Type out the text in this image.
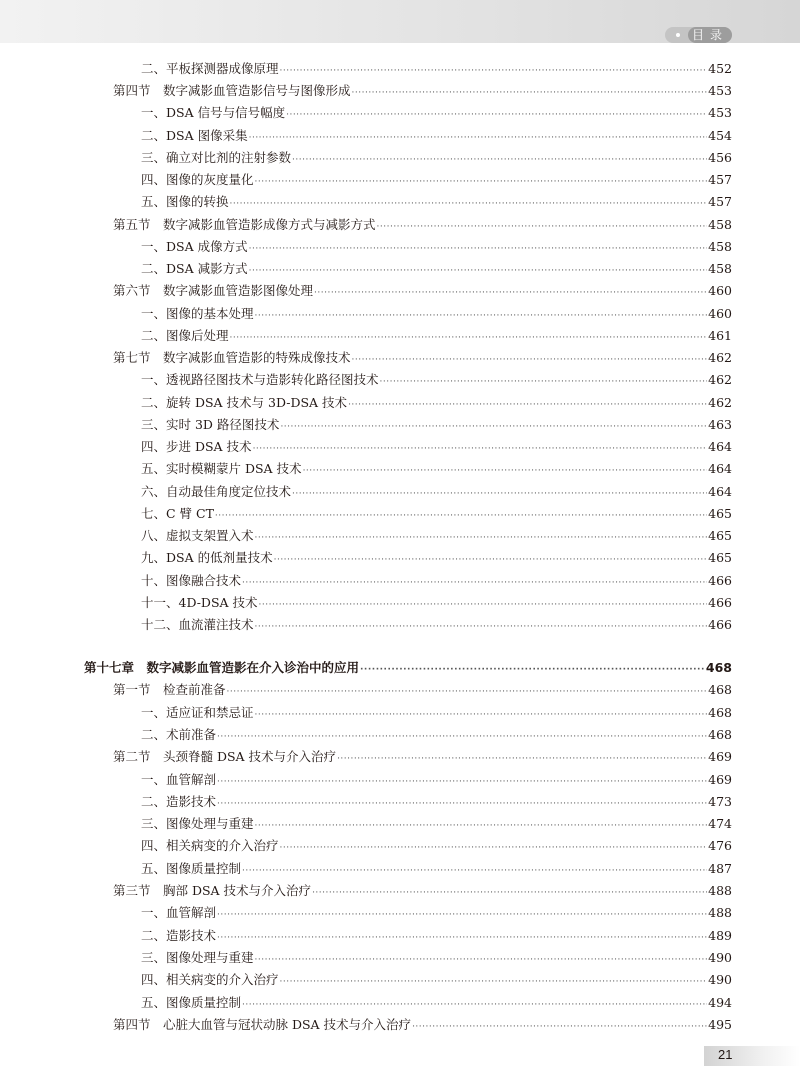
目录
二、平板探测器成像原理 ·····	452
第四节　数字减影血管造影信号与图像形成 ·····	453
一、DSA 信号与信号幅度 ·····	453
二、DSA 图像采集 ·····	454
三、确立对比剂的注射参数 ·····	456
四、图像的灰度量化 ·····	457
五、图像的转换 ·····	457
第五节　数字减影血管造影成像方式与减影方式 ·····	458
一、DSA 成像方式 ·····	458
二、DSA 减影方式 ·····	458
第六节　数字减影血管造影图像处理 ·····	460
一、图像的基本处理 ·····	460
二、图像后处理 ·····	461
第七节　数字减影血管造影的特殊成像技术 ·····	462
一、透视路径图技术与造影转化路径图技术 ·····	462
二、旋转 DSA 技术与 3D-DSA 技术 ·····	462
三、实时 3D 路径图技术 ·····	463
四、步进 DSA 技术 ·····	464
五、实时模糊蒙片 DSA 技术 ·····	464
六、自动最佳角度定位技术 ·····	464
七、C 臂 CT ·····	465
八、虚拟支架置入术 ·····	465
九、DSA 的低剂量技术 ·····	465
十、图像融合技术 ·····	466
十一、4D-DSA 技术 ·····	466
十二、血流灌注技术 ·····	466
第十七章　数字减影血管造影在介入诊治中的应用 ·····	468
第一节　检查前准备 ·····	468
一、适应证和禁忌证 ·····	468
二、术前准备 ·····	468
第二节　头颈脊髓 DSA 技术与介入治疗 ·····	469
一、血管解剖 ·····	469
二、造影技术 ·····	473
三、图像处理与重建 ·····	474
四、相关病变的介入治疗 ·····	476
五、图像质量控制 ·····	487
第三节　胸部 DSA 技术与介入治疗 ·····	488
一、血管解剖 ·····	488
二、造影技术 ·····	489
三、图像处理与重建 ·····	490
四、相关病变的介入治疗 ·····	490
五、图像质量控制 ·····	494
第四节　心脏大血管与冠状动脉 DSA 技术与介入治疗 ·····	495
21
